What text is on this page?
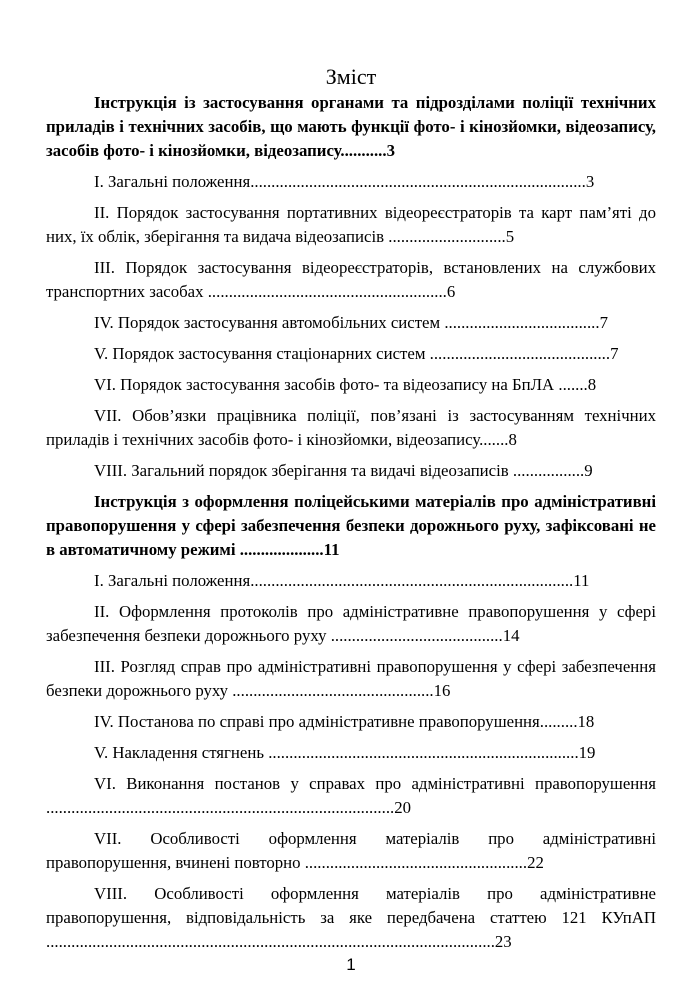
Зміст
Інструкція із застосування органами та підрозділами поліції технічних приладів і технічних засобів, що мають функції фото- і кінозйомки, відеозапису, засобів фото- і кінозйомки, відеозапису...........3
І. Загальні положення................................................................................3
ІІ. Порядок застосування портативних відеореєстраторів та карт пам’яті до них, їх облік, зберігання та видача відеозаписів ............................5
ІІІ. Порядок застосування відеореєстраторів, встановлених на службових транспортних засобах .........................................................6
IV. Порядок застосування автомобільних систем .....................................7
V. Порядок застосування стаціонарних систем ...........................................7
VІ. Порядок застосування засобів фото- та відеозапису на БпЛА .......8
VІІ. Обов’язки працівника поліції, пов’язані із застосуванням технічних приладів і технічних засобів фото- і кінозйомки, відеозапису.......8
VІІІ. Загальний порядок зберігання та видачі відеозаписів .................9
Інструкція з оформлення поліцейськими матеріалів про адміністративні правопорушення у сфері забезпечення безпеки дорожнього руху, зафіксовані не в автоматичному режимі ....................11
І. Загальні положення.............................................................................11
ІІ. Оформлення протоколів про адміністративне правопорушення у сфері забезпечення безпеки дорожнього руху .........................................14
ІІІ. Розгляд справ про адміністративні правопорушення у сфері забезпечення безпеки дорожнього руху ................................................16
IV. Постанова по справі про адміністративне правопорушення.........18
V. Накладення стягнень ..........................................................................19
VІ. Виконання постанов у справах про адміністративні правопорушення ...................................................................................20
VІІ. Особливості оформлення матеріалів про адміністративні правопорушення, вчинені повторно .....................................................22
VІІІ. Особливості оформлення матеріалів про адміністративне правопорушення, відповідальність за яке передбачена статтею 121 КУпАП ...........................................................................................................23
1
